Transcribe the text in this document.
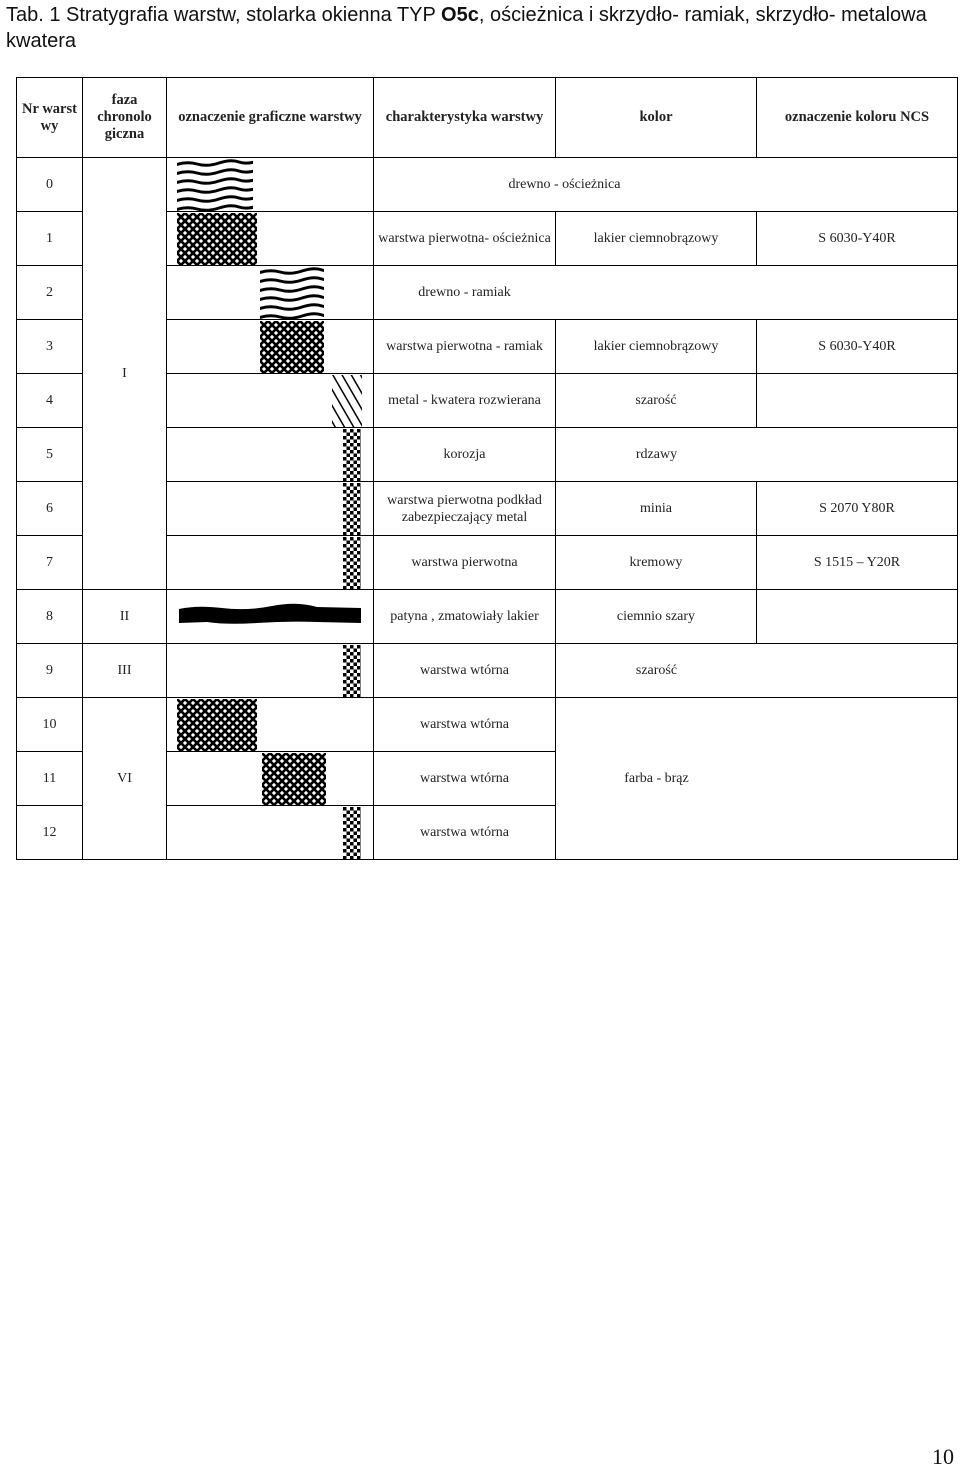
Tab. 1 Stratygrafia warstw, stolarka okienna TYP O5c, ościeżnica i skrzydło- ramiak, skrzydło- metalowa kwatera
Nr warst wy	faza chronolo giczna	oznaczenie graficzne warstwy	charakterystyka warstwy	kolor	oznaczenie koloru NCS
0	I		drewno - ościeżnica		
1			warstwa pierwotna- ościeżnica	lakier ciemnobrązowy	S 6030-Y40R
2			drewno - ramiak		
3			warstwa pierwotna - ramiak	lakier ciemnobrązowy	S 6030-Y40R
4			metal - kwatera rozwierana	szarość	
5			korozja	rdzawy	
6			warstwa pierwotna podkład zabezpieczający metal	minia	S 2070 Y80R
7			warstwa pierwotna	kremowy	S 1515 – Y20R
8	II		patyna , zmatowiały lakier	ciemnio szary	
9	III		warstwa wtórna	szarość	
10	VI		warstwa wtórna	farba - brąz	
11			warstwa wtórna		
12			warstwa wtórna		
10
